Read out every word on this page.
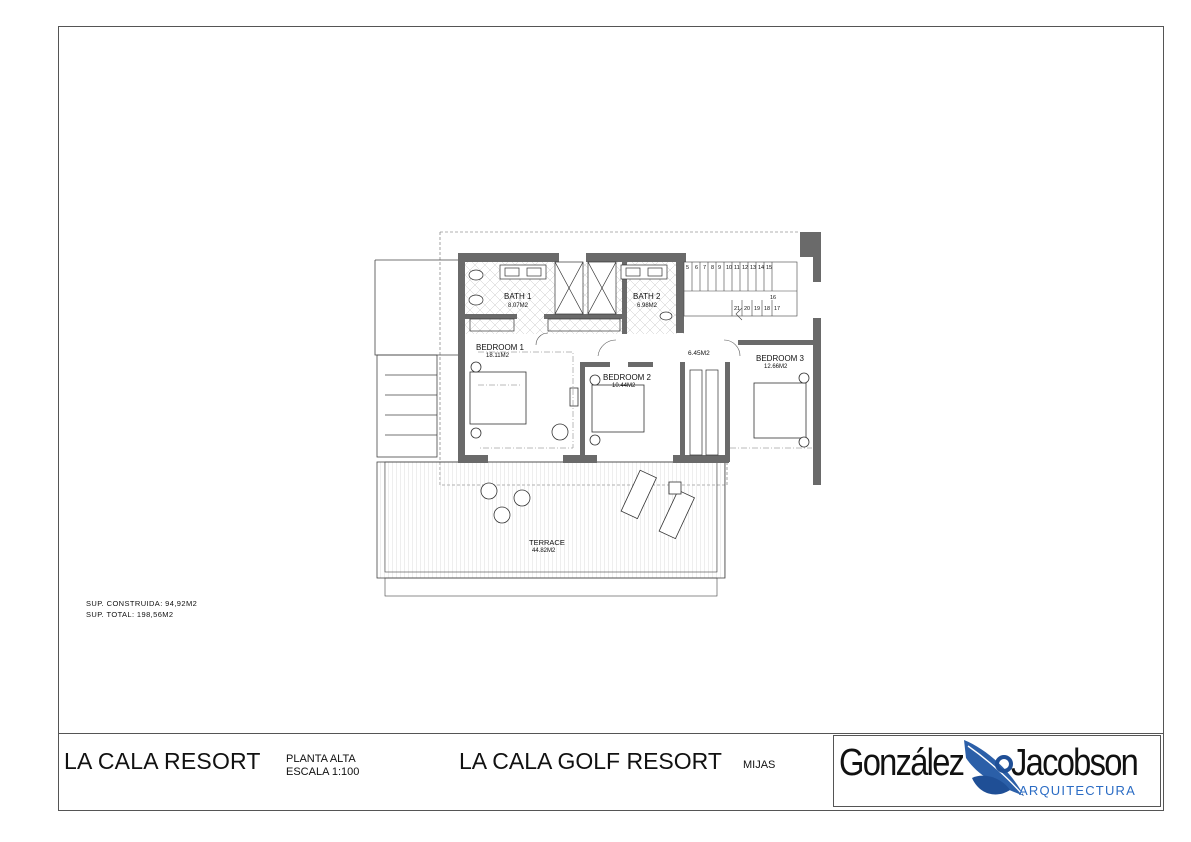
5 6 7 8 9 10 11 12 13 14 15
21 20 19 18 17
16
BATH 1
8.07M2
BATH 2
6.98M2
BEDROOM 1
18.11M2
BEDROOM 2
10.44M2
BEDROOM 3
12.66M2
6.45M2
TERRACE
44.82M2
SUP. CONSTRUIDA: 94,92M2
SUP. TOTAL: 198,56M2
LA CALA RESORT PLANTA ALTA
ESCALA 1:100	LA CALA GOLF RESORT MIJAS González Jacobson
ARQUITECTURA
